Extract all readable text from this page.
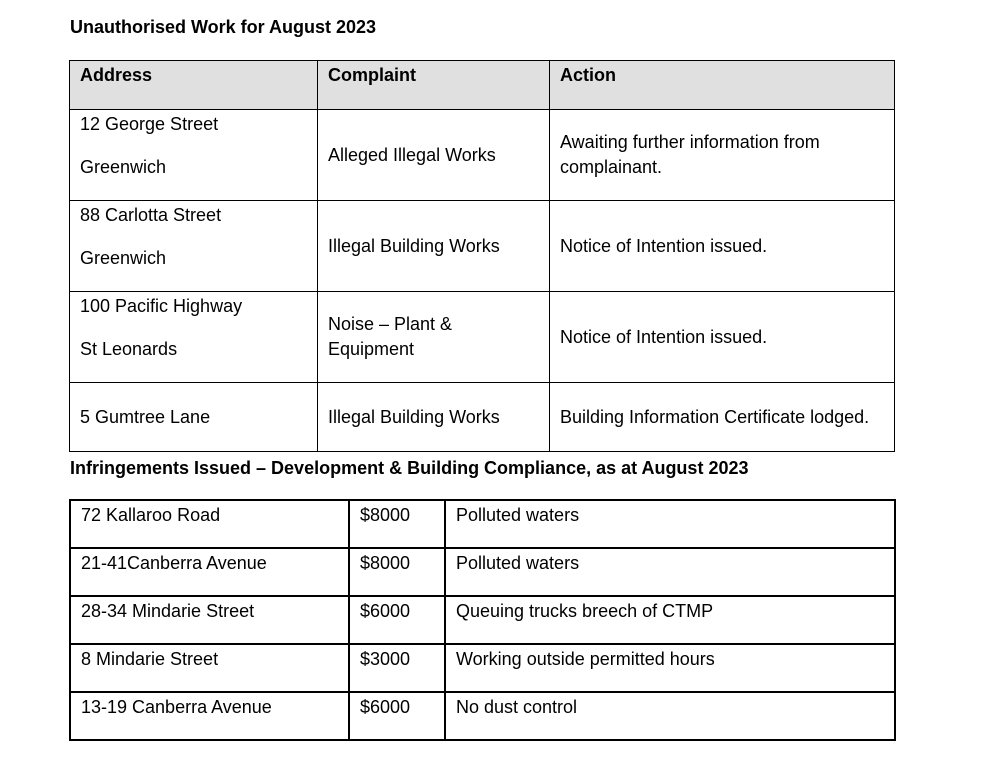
Unauthorised Work for August 2023
Address	Complaint	Action
12 George Street
Greenwich	Alleged Illegal Works	Awaiting further information from complainant.
88 Carlotta Street
Greenwich	Illegal Building Works	Notice of Intention issued.
100 Pacific Highway
St Leonards	Noise – Plant & Equipment	Notice of Intention issued.
5 Gumtree Lane	Illegal Building Works	Building Information Certificate lodged.
Infringements Issued – Development & Building Compliance, as at August 2023
72 Kallaroo Road	$8000	Polluted waters
21-41Canberra Avenue	$8000	Polluted waters
28-34 Mindarie Street	$6000	Queuing trucks breech of CTMP
8 Mindarie Street	$3000	Working outside permitted hours
13-19 Canberra Avenue	$6000	No dust control
